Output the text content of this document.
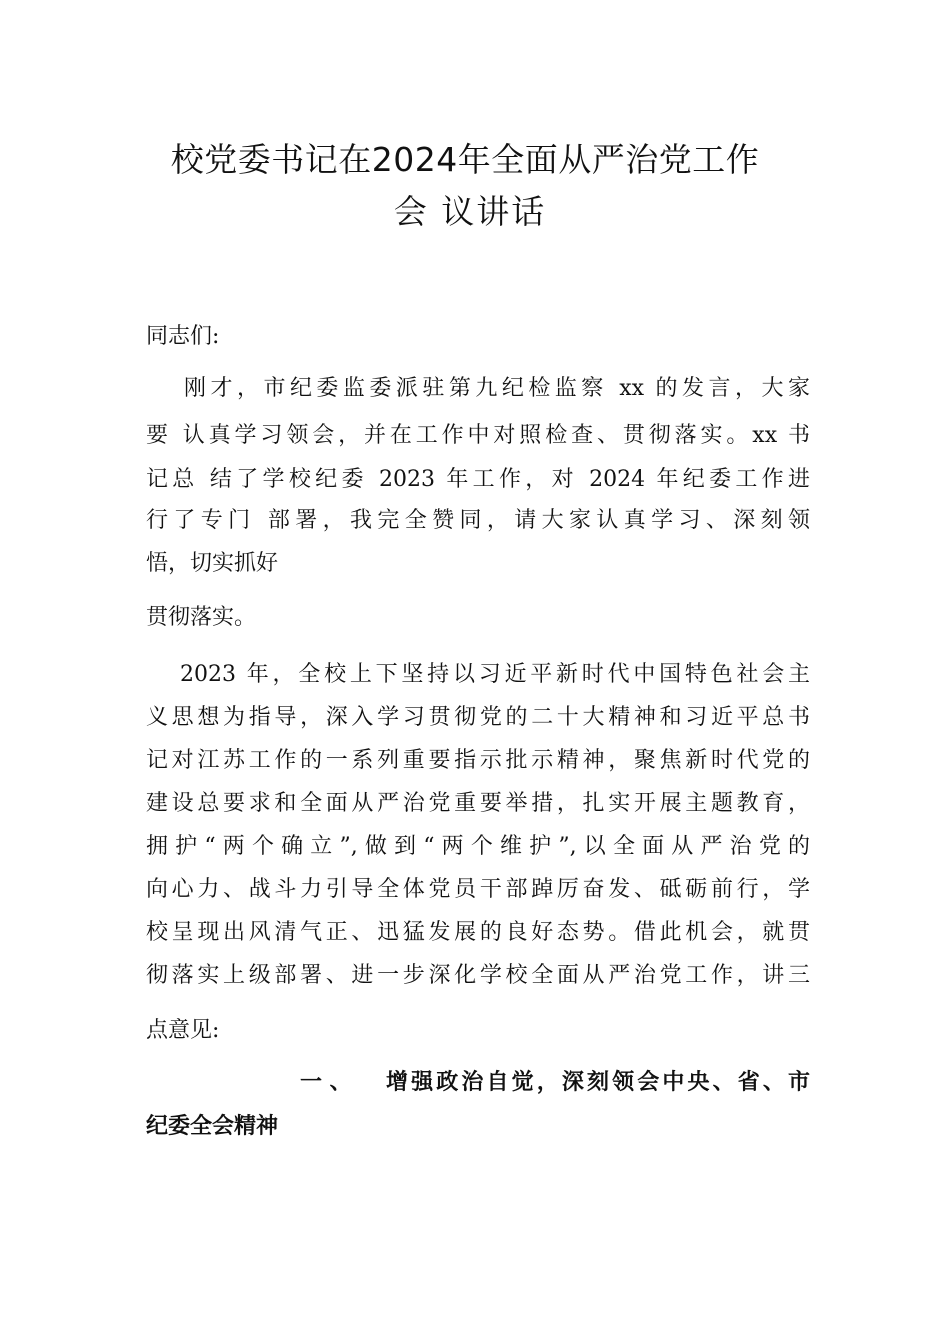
校党委书记在2024年全面从严治党工作
会 议讲话
同志们:
刚才，市纪委监委派驻第九纪检监察 xx 的发言，大家
要 认真学习领会，并在工作中对照检查、贯彻落实。xx 书
记总 结了学校纪委 2023 年工作，对 2024 年纪委工作进
行了专门 部署，我完全赞同，请大家认真学习、深刻领
悟，切实抓好
贯彻落实。
2023 年，全校上下坚持以习近平新时代中国特色社会主
义思想为指导，深入学习贯彻党的二十大精神和习近平总书
记对江苏工作的一系列重要指示批示精神，聚焦新时代党的
建设总要求和全面从严治党重要举措，扎实开展主题教育，
拥护“两个确立”,做到“两个维护”,以全面从严治党的
向心力、战斗力引导全体党员干部踔厉奋发、砥砺前行，学
校呈现出风清气正、迅猛发展的良好态势。借此机会，就贯
彻落实上级部署、进一步深化学校全面从严治党工作，讲三
点意见:
一 、 增强政治自觉，深刻领会中央、省、市
纪委全会精神
